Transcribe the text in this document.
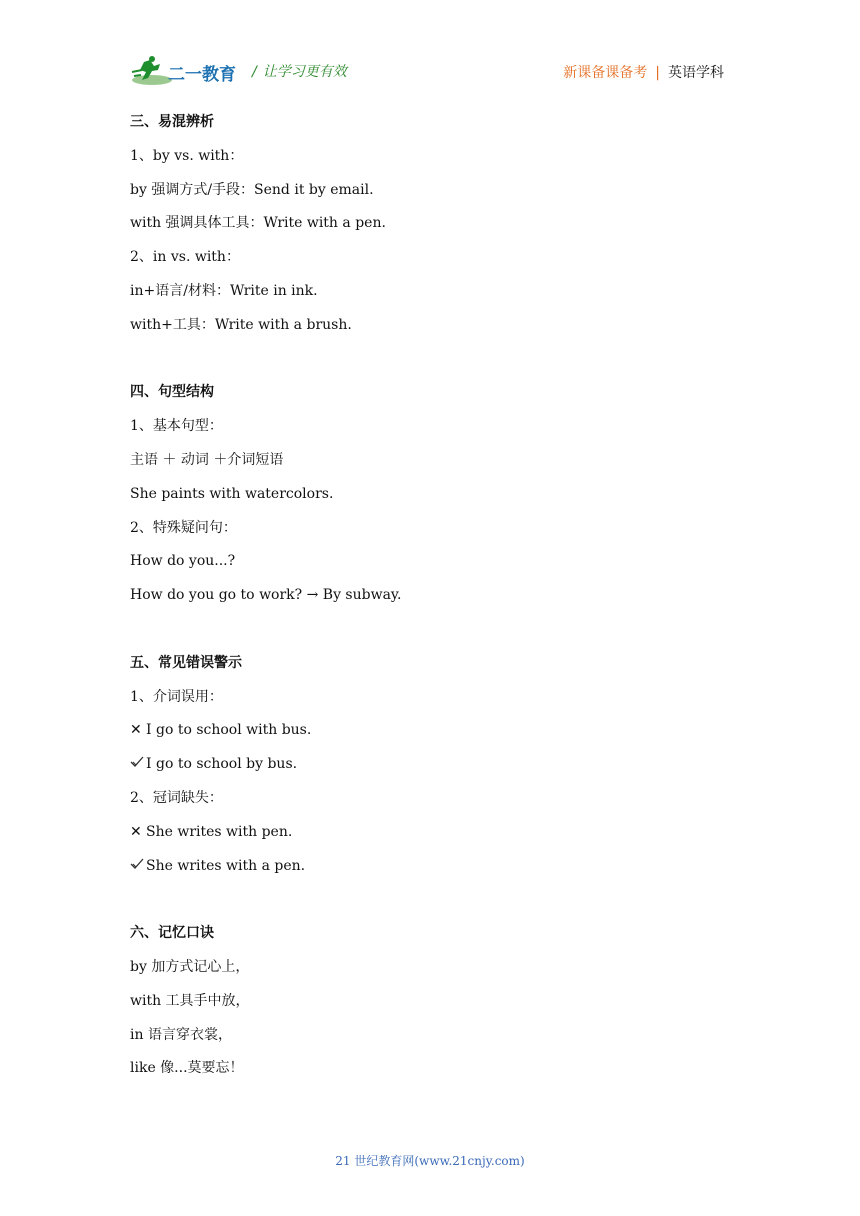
二一教育 / 让学习更有效	新课备课备考 | 英语学科
三、易混辨析
1、by vs. with：
by 强调方式/手段：Send it by email.
with 强调具体工具：Write with a pen.
2、in vs. with：
in+语言/材料：Write in ink.
with+工具：Write with a brush.
四、句型结构
1、基本句型：
主语 ＋ 动词 ＋介词短语
She paints with watercolors.
2、特殊疑问句：
How do you...?
How do you go to work? → By subway.
五、常见错误警示
1、介词误用：
✕ I go to school with bus.
I go to school by bus.
2、冠词缺失：
✕ She writes with pen.
She writes with a pen.
六、记忆口诀
by 加方式记心上，
with 工具手中放，
in 语言穿衣裳，
like 像...莫要忘！
21 世纪教育网(www.21cnjy.com)
